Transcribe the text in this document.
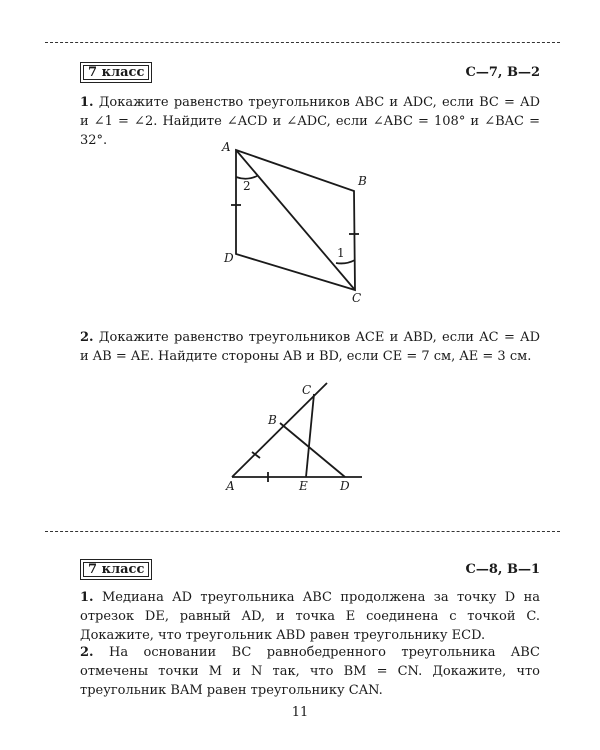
7 класс	С—7, В—2

1. Докажите равенство треугольников ABC и ADC, если BC = AD и ∠1 = ∠2. Найдите ∠ACD и ∠ADC, если ∠ABC = 108° и ∠BAC = 32°.	A
B
C
D
2
1
A
B
C
D
E

2. Докажите равенство треугольников ACE и ABD, если AC = AD и AB = AE. Найдите стороны AB и BD, если CE = 7 см, AE = 3 см.

7 класс	С—8, В—1

1. Медиана AD треугольника ABC продолжена за точку D на отрезок DE, равный AD, и точка E соединена с точкой C. Докажите, что треугольник ABD равен треугольнику ECD.

2. На основании BC равнобедренного треугольника ABC отмечены точки M и N так, что BM = CN. Докажите, что треугольник BAM равен треугольнику CAN.

11
